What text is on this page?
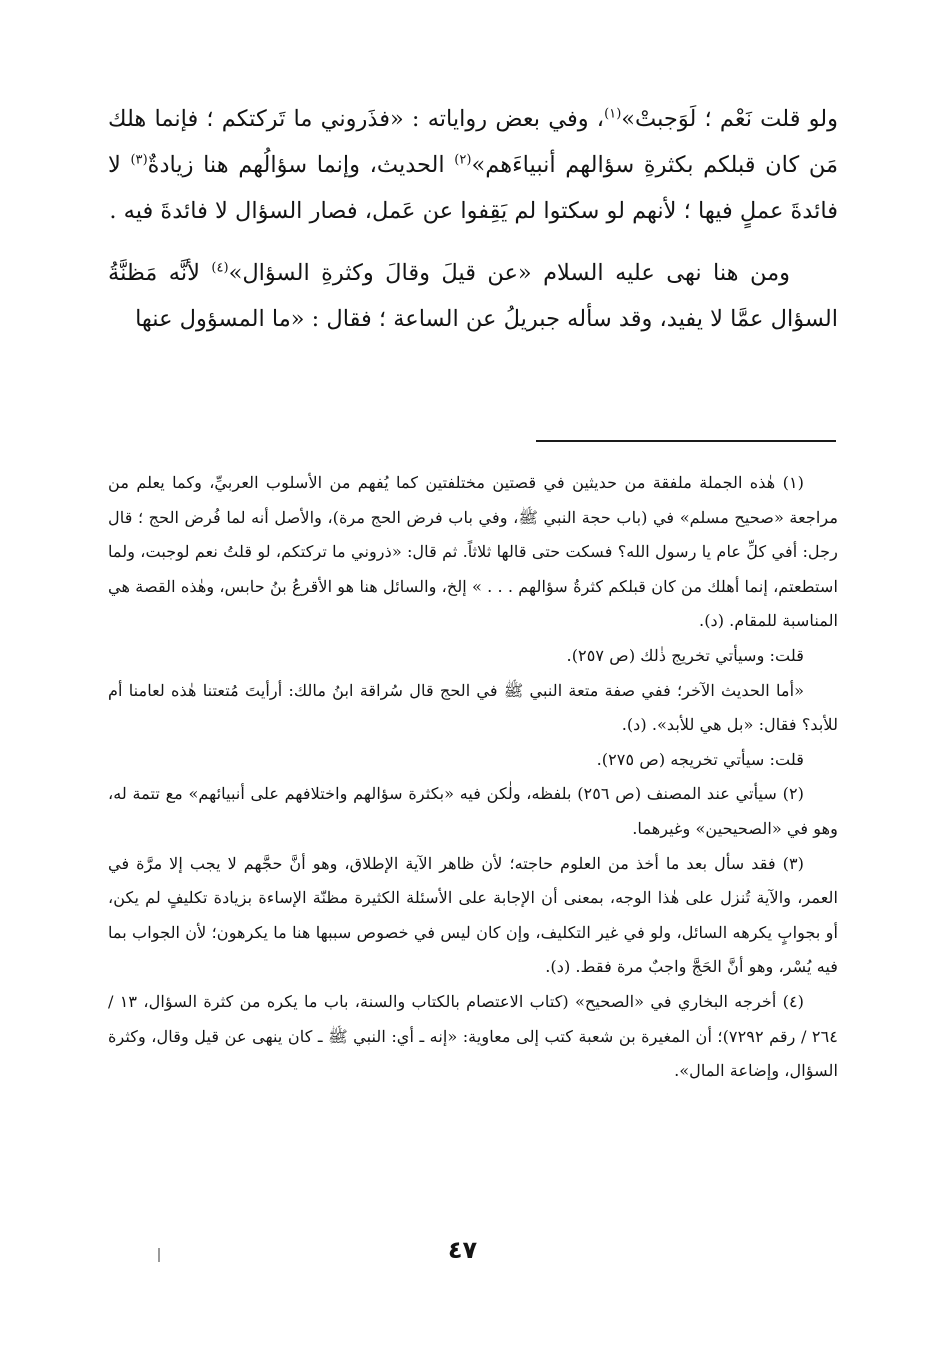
ولو قلت نَعْم ؛ لَوَجبتْ»$^{(١)}$، وفي بعض رواياته : «فذَروني ما تَركتكم ؛ فإنما هلك مَن كان قبلكم بكثرةِ سؤالهم أنبياءَهم»$^{(٢)}$ الحديث، وإنما سؤالُهم هنا زيادةٌ$^{(٣)}$ لا فائدةَ عملٍ فيها ؛ لأنهم لو سكتوا لم يَقِفوا عن عَمل، فصار السؤال لا فائدةَ فيه .

ومن هنا نهى عليه السلام «عن قيلَ وقالَ وكثرةِ السؤال»$^{(٤)}$ لأنَّه مَظنَّةُ السؤال عمَّا لا يفيد، وقد سأله جبريلُ عن الساعة ؛ فقال : «ما المسؤول عنها

(١) هٰذه الجملة ملفقة من حديثين في قصتين مختلفتين كما يُفهم من الأسلوب العربيِّ، وكما يعلم من مراجعة «صحيح مسلم» في (باب حجة النبي ﷺ، وفي باب فرض الحج مرة)، والأصل أنه لما فُرض الحج ؛ قال رجل: أفي كلِّ عام يا رسول الله؟ فسكت حتى قالها ثلاثاً. ثم قال: «ذروني ما تركتكم، لو قلتُ نعم لوجبت، ولما استطعتم، إنما أهلك من كان قبلكم كثرةُ سؤالهم . . . » إلخ، والسائل هنا هو الأقرعُ بنُ حابس، وهٰذه القصة هي المناسبة للمقام. (د).

قلت: وسيأتي تخريج ذٰلك (ص ٢٥٧).

«أما الحديث الآخر؛ ففي صفة متعة النبي ﷺ في الحج قال سُراقة ابنُ مالك: أرأيتَ مُتعتنا هٰذه لعامنا أم للأبد؟ فقال: «بل هي للأبد». (د).

قلت: سيأتي تخريجه (ص ٢٧٥).

(٢) سيأتي عند المصنف (ص ٢٥٦) بلفظه، ولٰكن فيه «بكثرة سؤالهم واختلافهم على أنبيائهم» مع تتمة له، وهو في «الصحيحين» وغيرهما.

(٣) فقد سأل بعد ما أخذ من العلوم حاجته؛ لأن ظاهر الآية الإطلاق، وهو أنَّ حجَّهم لا يجب إلا مرَّة في العمر، والآية تُنزل على هٰذا الوجه، بمعنى أن الإجابة على الأسئلة الكثيرة مظنّة الإساءة بزيادة تكليفٍ لم يكن، أو بجوابٍ يكرهه السائل، ولو في غير التكليف، وإن كان ليس في خصوص سببها هنا ما يكرهون؛ لأن الجواب بما فيه يُسْر، وهو أنَّ الحَجَّ واجبٌ مرة فقط. (د).

(٤) أخرجه البخاري في «الصحيح» (كتاب الاعتصام بالكتاب والسنة، باب ما يكره من كثرة السؤال، ١٣ / ٢٦٤ / رقم ٧٢٩٢)؛ أن المغيرة بن شعبة كتب إلى معاوية: «إنه ـ أي: النبي ﷺ ـ كان ينهى عن قيل وقال، وكثرة السؤال، وإضاعة المال».

٤٧
